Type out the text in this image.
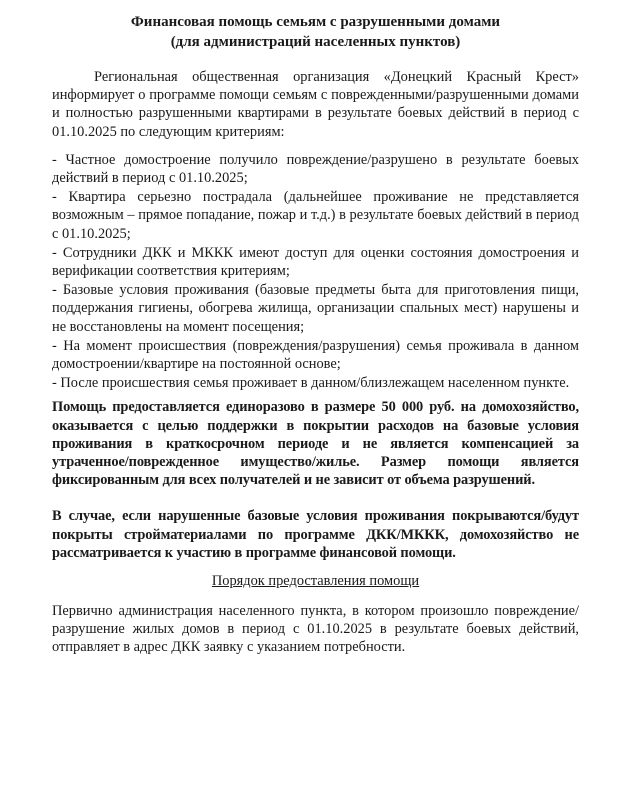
Финансовая помощь семьям с разрушенными домами
(для администраций населенных пунктов)

Региональная общественная организация «Донецкий Красный Крест» информирует о программе помощи семьям с поврежденными/разрушенными домами и полностью разрушенными квартирами в результате боевых действий в период с 01.10.2025 по следующим критериям:

- Частное домостроение получило повреждение/разрушено в результате боевых действий в период с 01.10.2025;

- Квартира серьезно пострадала (дальнейшее проживание не представляется возможным – прямое попадание, пожар и т.д.) в результате боевых действий в период с 01.10.2025;

- Сотрудники ДКК и МККК имеют доступ для оценки состояния домостроения и верификации соответствия критериям;

- Базовые условия проживания (базовые предметы быта для приготовления пищи, поддержания гигиены, обогрева жилища, организации спальных мест) нарушены и не восстановлены на момент посещения;

- На момент происшествия (повреждения/разрушения) семья проживала в данном домостроении/квартире на постоянной основе;

- После происшествия семья проживает в данном/близлежащем населенном пункте.

Помощь предоставляется единоразово в размере 50 000 руб. на домохозяйство, оказывается с целью поддержки в покрытии расходов на базовые условия проживания в краткосрочном периоде и не является компенсацией за утраченное/поврежденное имущество/жилье. Размер помощи является фиксированным для всех получателей и не зависит от объема разрушений.

В случае, если нарушенные базовые условия проживания покрываются/будут покрыты стройматериалами по программе ДКК/МККК, домохозяйство не рассматривается к участию в программе финансовой помощи.

Порядок предоставления помощи

Первично администрация населенного пункта, в котором произошло повреждение/разрушение жилых домов в период с 01.10.2025 в результате боевых действий, отправляет в адрес ДКК заявку с указанием потребности.
